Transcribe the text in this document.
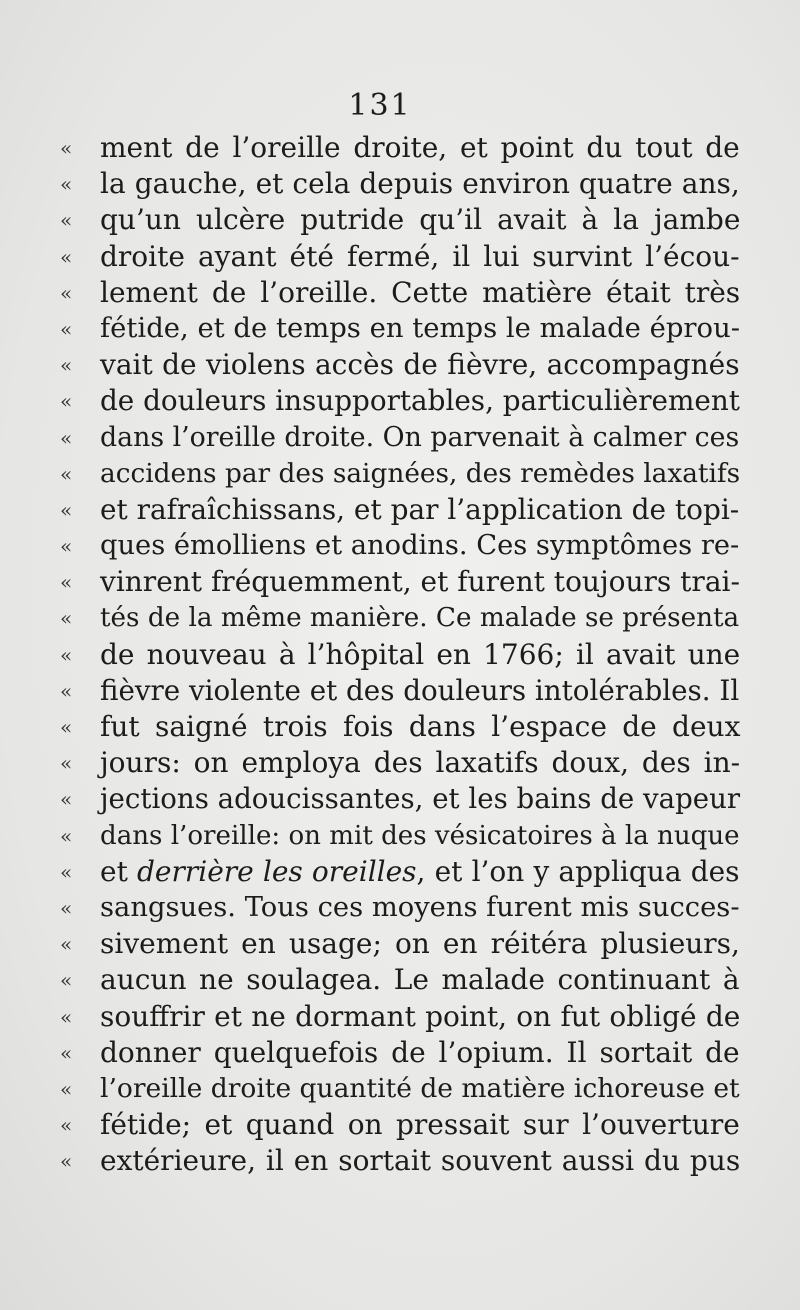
131
« ment de l’oreille droite, et point du tout de
« la gauche, et cela depuis environ quatre ans,
« qu’un ulcère putride qu’il avait à la jambe
« droite ayant été fermé, il lui survint l’écou-
« lement de l’oreille. Cette matière était très
«	fétide, et de temps en temps le malade éprou-
« vait de violens accès de fièvre, accompagnés
« de douleurs insupportables, particulièrement
«	dans l’oreille droite. On parvenait à calmer ces
«	accidens par des saignées, des remèdes laxatifs
« et rafraîchissans, et par l’application de topi-
«	ques émolliens et anodins. Ces symptômes re-
« vinrent fréquemment, et furent toujours trai-
«	tés de la même manière. Ce malade se présenta
« de nouveau à l’hôpital en 1766; il avait une
«	fièvre violente et des douleurs intolérables. Il
« fut saigné trois fois dans l’espace de deux
« jours: on employa des laxatifs doux, des in-
«	jections adoucissantes, et les bains de vapeur
«	dans l’oreille: on mit des vésicatoires à la nuque
« et derrière les oreilles, et l’on y appliqua des
«	sangsues. Tous ces moyens furent mis succes-
« sivement en usage; on en réitéra plusieurs,
« aucun ne soulagea. Le malade continuant à
« souffrir et ne dormant point, on fut obligé de
« donner quelquefois de l’opium. Il sortait de
«	l’oreille droite quantité de matière ichoreuse et
« fétide; et quand on pressait sur l’ouverture
« extérieure, il en sortait souvent aussi du pus
